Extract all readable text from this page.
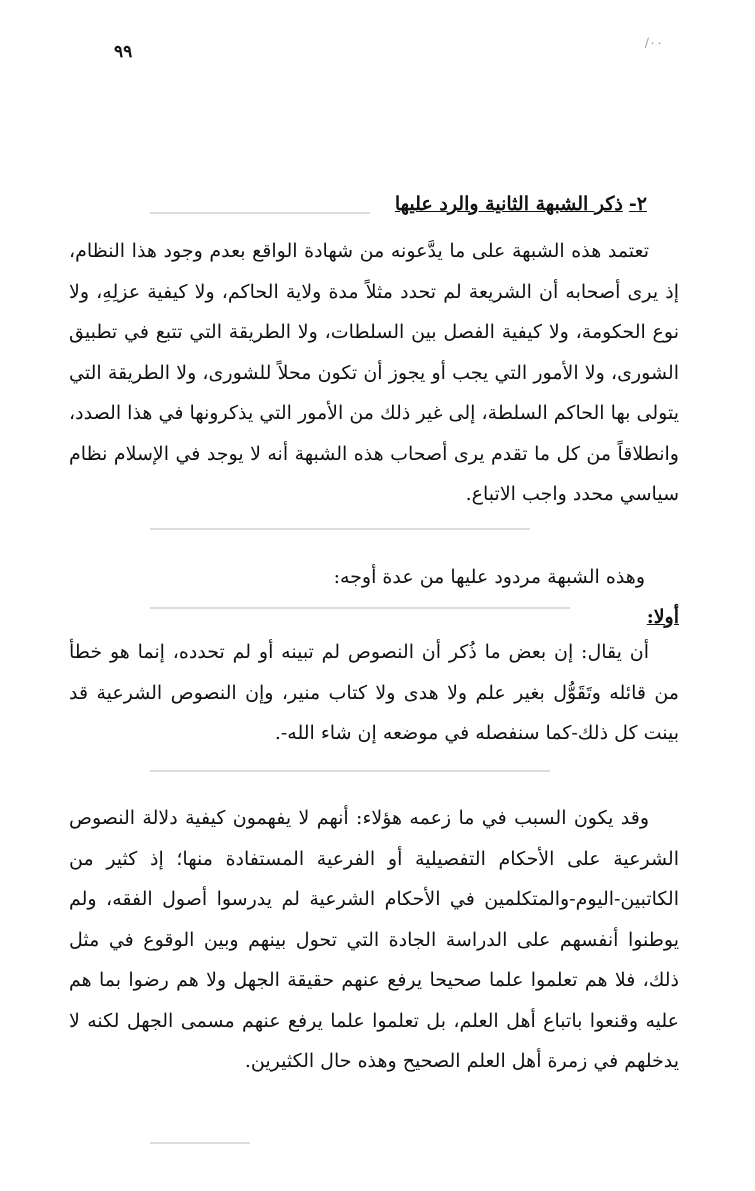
٩٩	٠٠/
٢-ذكر الشبهة الثانية والرد عليها
تعتمد هذه الشبهة على ما يدَّعونه من شهادة الواقع بعدم وجود هذا النظام، إذ يرى أصحابه أن الشريعة لم تحدد مثلاً مدة ولاية الحاكم، ولا كيفية عزلِهِ، ولا نوع الحكومة، ولا كيفية الفصل بين السلطات، ولا الطريقة التي تتبع في تطبيق الشورى، ولا الأمور التي يجب أو يجوز أن تكون محلاً للشورى، ولا الطريقة التي يتولى بها الحاكم السلطة، إلى غير ذلك من الأمور التي يذكرونها في هذا الصدد، وانطلاقاً من كل ما تقدم يرى أصحاب هذه الشبهة أنه لا يوجد في الإسلام نظام سياسي محدد واجب الاتباع.
وهذه الشبهة مردود عليها من عدة أوجه:
أولا:
أن يقال: إن بعض ما ذُكر أن النصوص لم تبينه أو لم تحدده، إنما هو خطأ من قائله وتَقَوُّل بغير علم ولا هدى ولا كتاب منير، وإن النصوص الشرعية قد بينت كل ذلك-كما سنفصله في موضعه إن شاء الله-.
وقد يكون السبب في ما زعمه هؤلاء: أنهم لا يفهمون كيفية دلالة النصوص الشرعية على الأحكام التفصيلية أو الفرعية المستفادة منها؛ إذ كثير من الكاتبين-اليوم-والمتكلمين في الأحكام الشرعية لم يدرسوا أصول الفقه، ولم يوطنوا أنفسهم على الدراسة الجادة التي تحول بينهم وبين الوقوع في مثل ذلك، فلا هم تعلموا علما صحيحا يرفع عنهم حقيقة الجهل ولا هم رضوا بما هم عليه وقنعوا باتباع أهل العلم، بل تعلموا علما يرفع عنهم مسمى الجهل لكنه لا يدخلهم في زمرة أهل العلم الصحيح وهذه حال الكثيرين.
